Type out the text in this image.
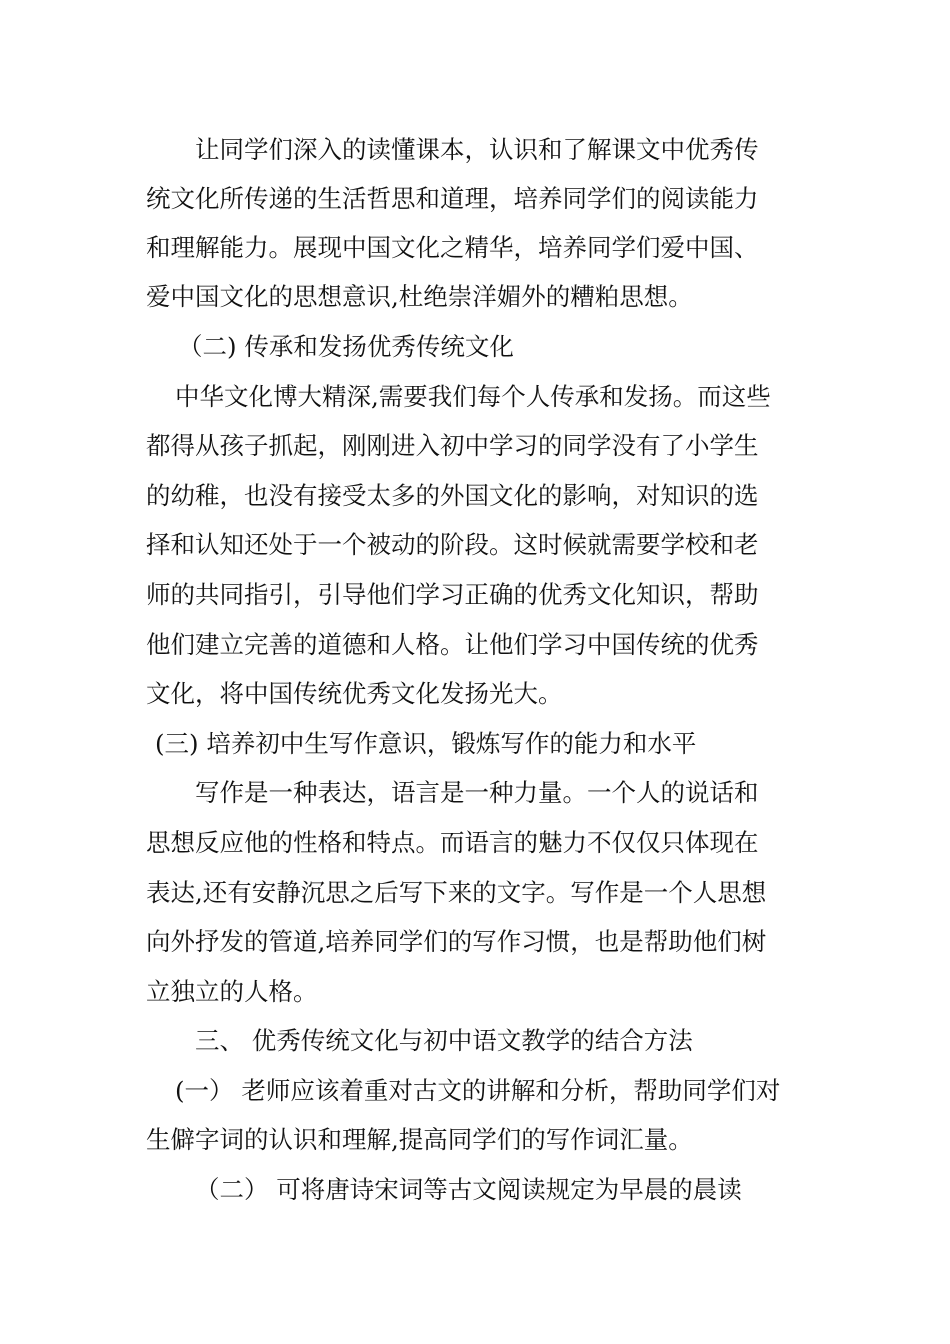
让同学们深入的读懂课本，认识和了解课文中优秀传
统文化所传递的生活哲思和道理，培养同学们的阅读能力
和理解能力。展现中国文化之精华，培养同学们爱中国、
爱中国文化的思想意识,杜绝崇洋媚外的糟粕思想。
（二) 传承和发扬优秀传统文化
中华文化博大精深,需要我们每个人传承和发扬。而这些
都得从孩子抓起，刚刚进入初中学习的同学没有了小学生
的幼稚，也没有接受太多的外国文化的影响，对知识的选
择和认知还处于一个被动的阶段。这时候就需要学校和老
师的共同指引，引导他们学习正确的优秀文化知识，帮助
他们建立完善的道德和人格。让他们学习中国传统的优秀
文化，将中国传统优秀文化发扬光大。
(三) 培养初中生写作意识，锻炼写作的能力和水平
写作是一种表达，语言是一种力量。一个人的说话和
思想反应他的性格和特点。而语言的魅力不仅仅只体现在
表达,还有安静沉思之后写下来的文字。写作是一个人思想
向外抒发的管道,培养同学们的写作习惯，也是帮助他们树
立独立的人格。
三、 优秀传统文化与初中语文教学的结合方法
(一） 老师应该着重对古文的讲解和分析，帮助同学们对
生僻字词的认识和理解,提高同学们的写作词汇量。
（二） 可将唐诗宋词等古文阅读规定为早晨的晨读
